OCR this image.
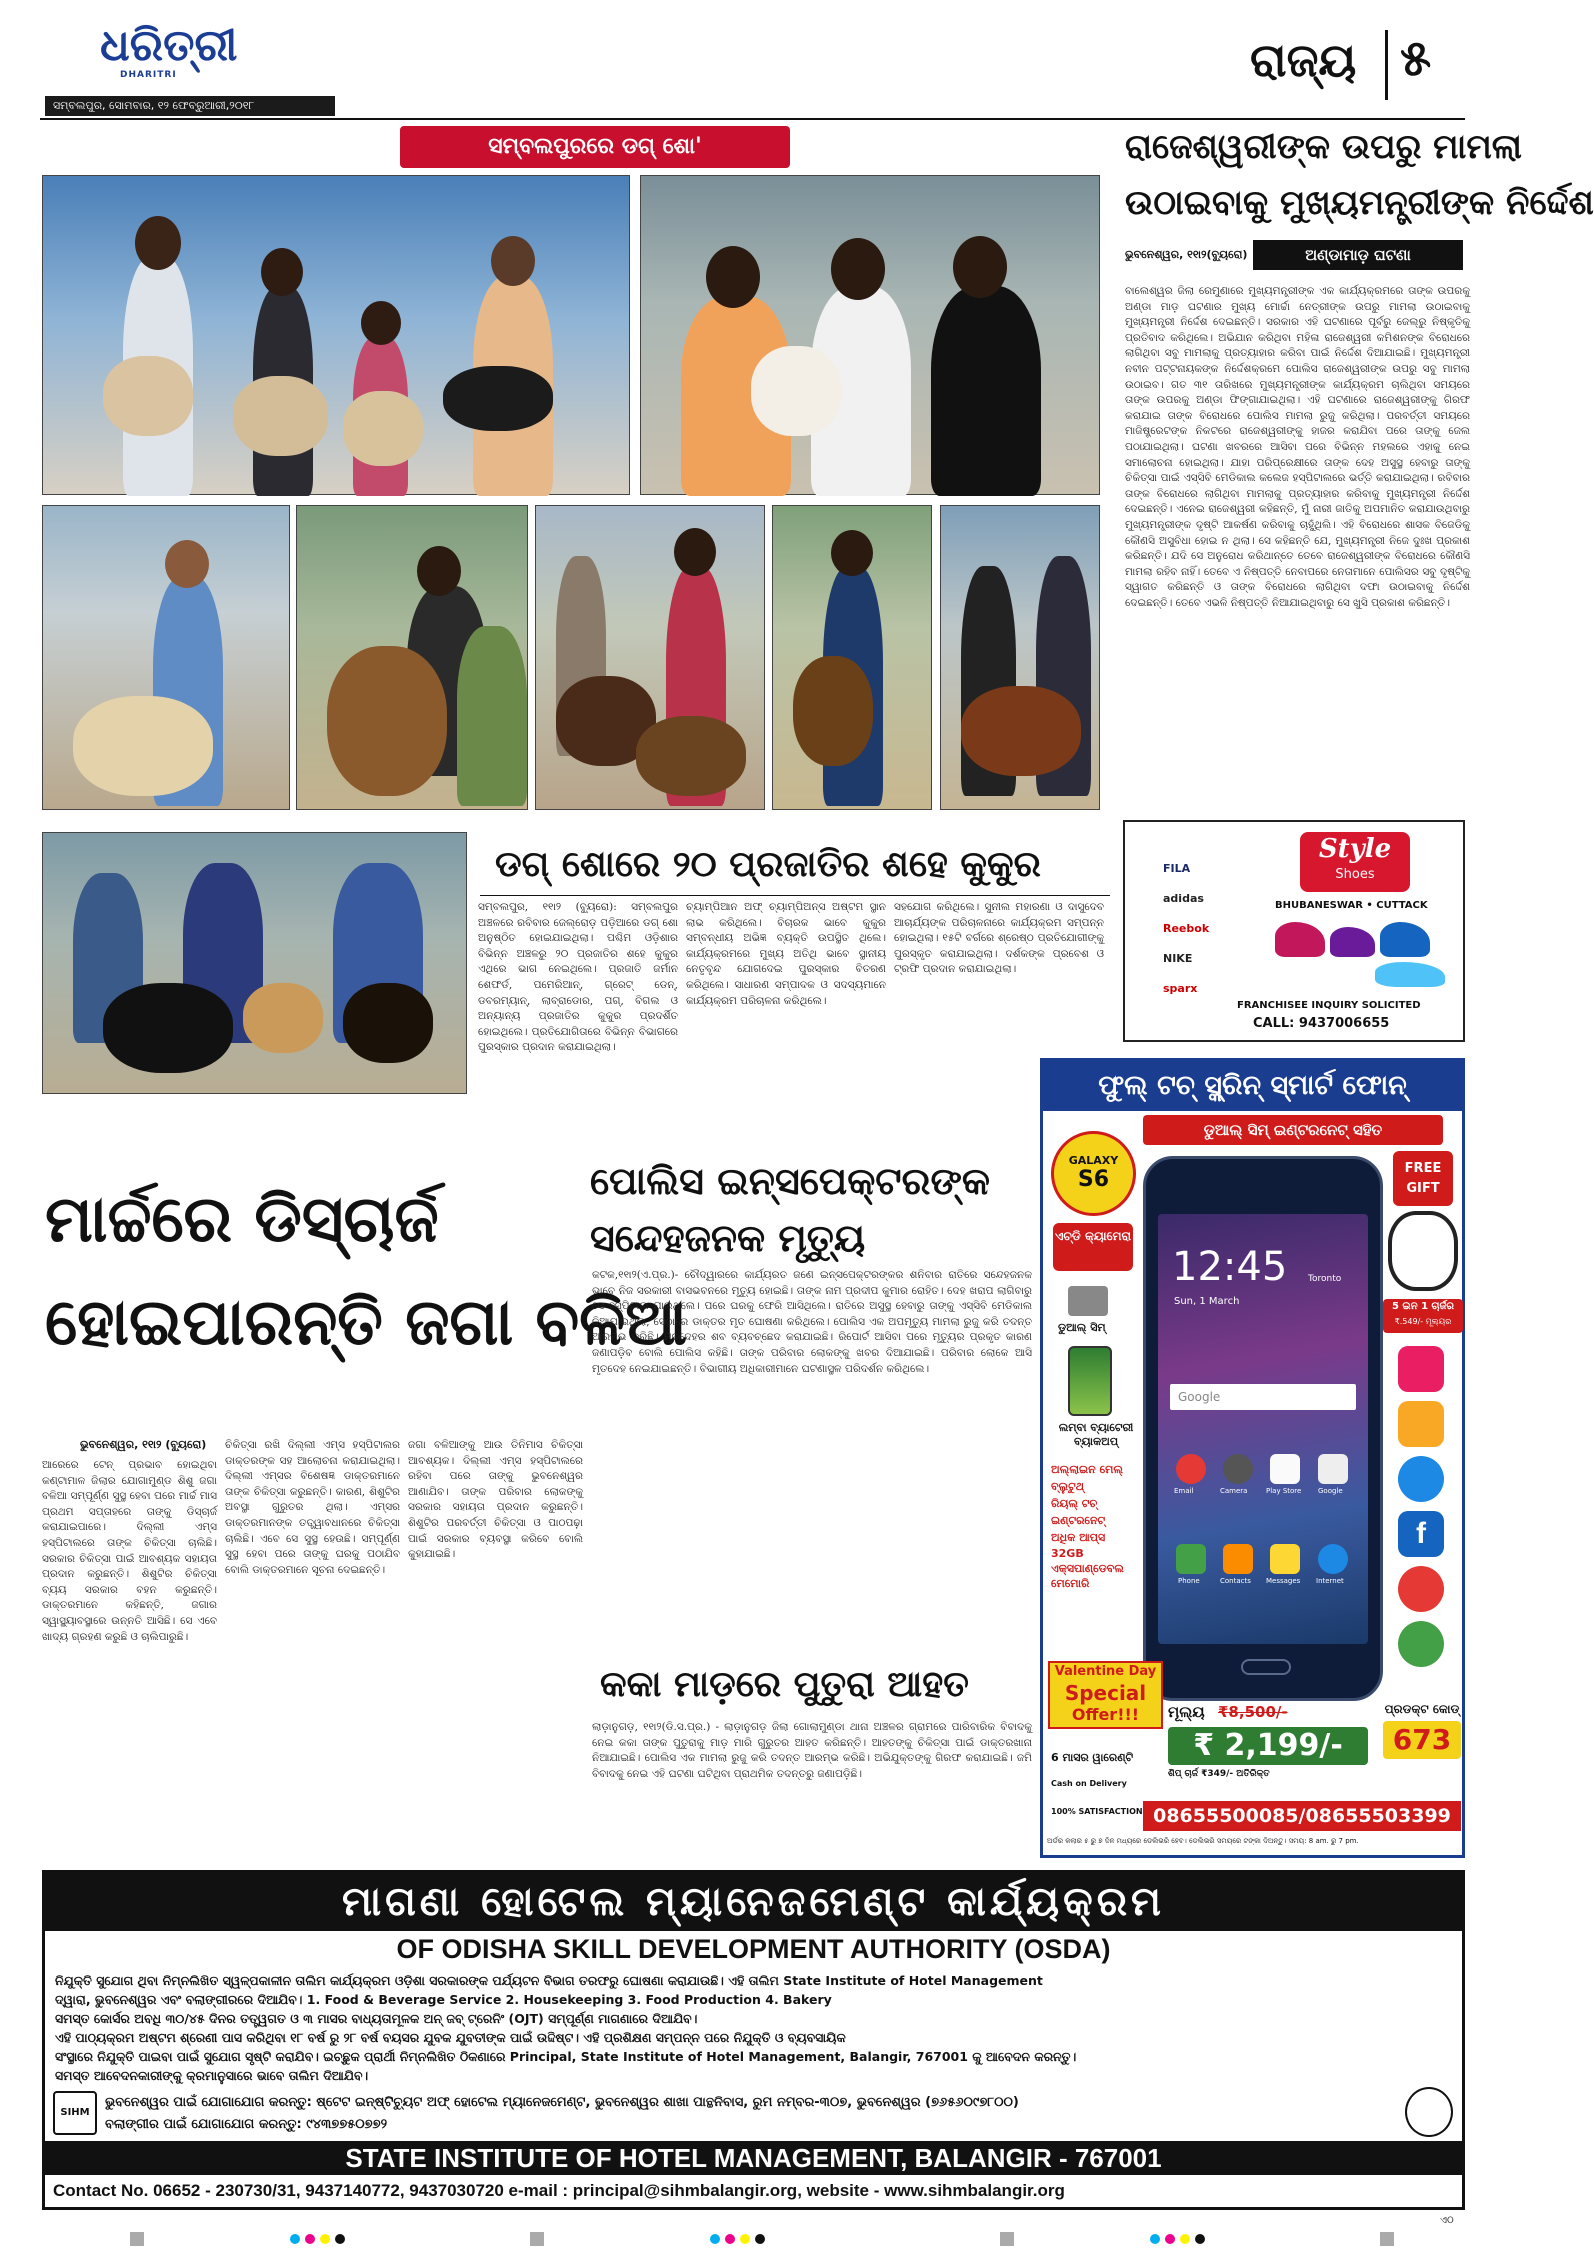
ଧରିତ୍ରୀ
DHARITRI
ସମ୍ବଲପୁର, ସୋମବାର, ୧୨ ଫେବ୍ରୁଆରୀ,୨୦୧୮
ରାଜ୍ୟ ୫
ସମ୍ବଲପୁରରେ ଡଗ୍ ଶୋ'	ରାଜେଶ୍ୱରୀଙ୍କ ଉପରୁ ମାମଲା
ଉଠାଇବାକୁ ମୁଖ୍ୟମନ୍ତ୍ରୀଙ୍କ ନିର୍ଦ୍ଦେଶ
ଭୁବନେଶ୍ୱର, ୧୧ା୨(ବ୍ୟୁରୋ)	ଅଣ୍ଡାମାଡ଼ ଘଟଣା
ବାଲେଶ୍ୱର ଜିଲା ରେମୁଣାରେ ମୁଖ୍ୟମନ୍ତ୍ରୀଙ୍କ ଏକ କାର୍ଯ୍ୟକ୍ରମରେ ତାଙ୍କ ଉପରକୁ ଅଣ୍ଡା ମାଡ଼ ଘଟଣାର ମୁଖ୍ୟ ମୋର୍ଚ୍ଚା ନେତ୍ରୀଙ୍କ ଉପରୁ ମାମଲା ଉଠାଇବାକୁ ମୁଖ୍ୟମନ୍ତ୍ରୀ ନିର୍ଦ୍ଦେଶ ଦେଇଛନ୍ତି। ସରକାର ଏହି ଘଟଣାରେ ପୂର୍ବରୁ ଜେଲ୍‌ରୁ ନିଷ୍କୃତିକୁ ପ୍ରତିବାଦ କରିଥିଲେ। ଅଭିଯାନ କରିଥିବା ମହିଳା ରାଜେଶ୍ୱରୀ କମିଶନଙ୍କ ବିରୋଧରେ ଲାଗିଥିବା ସବୁ ମାମଲାକୁ ପ୍ରତ୍ୟାହାର କରିବା ପାଇଁ ନିର୍ଦ୍ଦେଶ ଦିଆଯାଇଛି। ମୁଖ୍ୟମନ୍ତ୍ରୀ ନବୀନ ପଟ୍ଟନାୟକଙ୍କ ନିର୍ଦ୍ଦେଶକ୍ରମେ ପୋଲିସ ରାଜେଶ୍ୱରୀଙ୍କ ଉପରୁ ସବୁ ମାମଲା ଉଠାଇବ। ଗତ ୩୧ ତାରିଖରେ ମୁଖ୍ୟମନ୍ତ୍ରୀଙ୍କ କାର୍ଯ୍ୟକ୍ରମ ଚାଲିଥିବା ସମୟରେ ତାଙ୍କ ଉପରକୁ ଅଣ୍ଡା ଫିଙ୍ଗାଯାଇଥିଲା। ଏହି ଘଟଣାରେ ରାଜେଶ୍ୱରୀଙ୍କୁ ଗିରଫ କରାଯାଇ ତାଙ୍କ ବିରୋଧରେ ପୋଲିସ ମାମଲା ରୁଜୁ କରିଥିଲା। ପରବର୍ତ୍ତୀ ସମୟରେ ମାଜିଷ୍ଟ୍ରେଟଙ୍କ ନିକଟରେ ରାଜେଶ୍ୱରୀଙ୍କୁ ହାଜର କରାଯିବା ପରେ ତାଙ୍କୁ ଜେଲ ପଠାଯାଇଥିଲା। ଘଟଣା ଖବରରେ ଆସିବା ପରେ ବିଭିନ୍ନ ମହଲରେ ଏହାକୁ ନେଇ ସମାଲୋଚନା ହୋଇଥିଲା। ଯାହା ପରିପ୍ରେକ୍ଷୀରେ ତାଙ୍କ ଦେହ ଅସୁସ୍ଥ ହେବାରୁ ତାଙ୍କୁ ଚିକିତ୍ସା ପାଇଁ ଏସ୍‌ସିବି ମେଡିକାଲ କଲେଜ ହସ୍ପିଟାଲରେ ଭର୍ତ୍ତି କରାଯାଇଥିଲା। ରବିବାର ତାଙ୍କ ବିରୋଧରେ ଲାଗିଥିବା ମାମଲାକୁ ପ୍ରତ୍ୟାହାର କରିବାକୁ ମୁଖ୍ୟମନ୍ତ୍ରୀ ନିର୍ଦ୍ଦେଶ ଦେଇଛନ୍ତି। ଏନେଇ ରାଜେଶ୍ୱରୀ କହିଛନ୍ତି, ମୁଁ ନାରୀ ଜାତିକୁ ଅପମାନିତ କରାଯାଉଥିବାରୁ ମୁଖ୍ୟମନ୍ତ୍ରୀଙ୍କ ଦୃଷ୍ଟି ଆକର୍ଷଣ କରିବାକୁ ଚାହୁଁଥିଲି। ଏହି ବିରୋଧରେ ଶାସକ ବିଜେଡିକୁ କୌଣସି ଅସୁବିଧା ହୋଇ ନ ଥିଲା। ସେ କହିଛନ୍ତି ଯେ, ମୁଖ୍ୟମନ୍ତ୍ରୀ ନିଜେ ଦୁଃଖ ପ୍ରକାଶ କରିଛନ୍ତି। ଯଦି ସେ ଅନୁରୋଧ କରିଥାନ୍ତେ ତେବେ ରାଜେଶ୍ୱରୀଙ୍କ ବିରୋଧରେ କୌଣସି ମାମଲା ରହିବ ନାହିଁ। ତେବେ ଏ ନିଷ୍ପତ୍ତି ନେବାପରେ ନେତାମାନେ ପୋଲିସର ସବୁ ଦୃଷ୍ଟିକୁ ସ୍ୱାଗତ କରିଛନ୍ତି ଓ ତାଙ୍କ ବିରୋଧରେ ଲାଗିଥିବା ଦଫା ଉଠାଇବାକୁ ନିର୍ଦ୍ଦେଶ ଦେଇଛନ୍ତି। ତେବେ ଏଭଳି ନିଷ୍ପତ୍ତି ନିଆଯାଇଥିବାରୁ ସେ ଖୁସି ପ୍ରକାଶ କରିଛନ୍ତି।
ଡଗ୍ ଶୋରେ ୨୦ ପ୍ରଜାତିର ଶହେ କୁକୁର
ସମ୍ବଲପୁର, ୧୧ା୨ (ବ୍ୟୁରୋ): ସମ୍ବଲପୁର ଅଞ୍ଚଳରେ ରବିବାର ଜେଲ୍‌ରୋଡ଼ ପଡ଼ିଆରେ ଡଗ୍ ଶୋ ଅନୁଷ୍ଠିତ ହୋଇଯାଇଥିଲା। ପଶ୍ଚିମ ଓଡ଼ିଶାର ବିଭିନ୍ନ ଅଞ୍ଚଳରୁ ୨୦ ପ୍ରଜାତିର ଶହେ କୁକୁର ଏଥିରେ ଭାଗ ନେଇଥିଲେ। ପ୍ରଜାତି ଜର୍ମାନ ଶେଫର୍ଡ, ପମେରିଆନ୍, ଗ୍ରେଟ୍ ଡେନ୍, ଡବରମ୍ୟାନ୍, ଲାବ୍ରାଡୋର, ପଗ୍, ବିଗଲ ଓ ଅନ୍ୟାନ୍ୟ ପ୍ରଜାତିର କୁକୁର ପ୍ରଦର୍ଶିତ ହୋଇଥିଲେ। ପ୍ରତିଯୋଗିତାରେ ବିଭିନ୍ନ ବିଭାଗରେ ପୁରସ୍କାର ପ୍ରଦାନ କରାଯାଇଥିଲା।
ଚ୍ୟାମ୍ପିଆନ ଅଫ୍ ଚ୍ୟାମ୍ପିଅନ୍ସ ଅଷ୍ଟମ ସ୍ଥାନ ଲାଭ କରିଥିଲେ। ବିଚାରକ ଭାବେ କୁକୁର ସମ୍ବନ୍ଧୀୟ ଅଭିଜ୍ଞ ବ୍ୟକ୍ତି ଉପସ୍ଥିତ ଥିଲେ। କାର୍ଯ୍ୟକ୍ରମରେ ମୁଖ୍ୟ ଅତିଥି ଭାବେ ସ୍ଥାନୀୟ ନେତୃବୃନ୍ଦ ଯୋଗଦେଇ ପୁରସ୍କାର ବିତରଣ କରିଥିଲେ। ସାଧାରଣ ସମ୍ପାଦକ ଓ ସଦସ୍ୟମାନେ କାର୍ଯ୍ୟକ୍ରମ ପରିଚାଳନା କରିଥିଲେ।
ସହଯୋଗ କରିଥିଲେ। ସୁନୀଲ ମହାରଣା ଓ ଦାସୁଦେବ ଆଚାର୍ଯ୍ୟଙ୍କ ପରିଚାଳନାରେ କାର୍ଯ୍ୟକ୍ରମ ସମ୍ପନ୍ନ ହୋଇଥିଲା। ୧୫ଟି ବର୍ଗରେ ଶ୍ରେଷ୍ଠ ପ୍ରତିଯୋଗୀଙ୍କୁ ପୁରସ୍କୃତ କରାଯାଇଥିଲା। ଦର୍ଶକଙ୍କ ପ୍ରବେଶ ଓ ଟ୍ରଫି ପ୍ରଦାନ କରାଯାଇଥିଲା।
FILA
adidas
Reebok
NIKE
sparx
Style
Shoes
BHUBANESWAR • CUTTACK
FRANCHISEE INQUIRY SOLICITED
CALL: 9437006655
ମାର୍ଚ୍ଚରେ ଡିସ୍‌ଚାର୍ଜ
ହୋଇପାରନ୍ତି ଜଗା ବଳିଆ
ଭୁବନେଶ୍ୱର, ୧୧ା୨ (ବ୍ୟୁରୋ)
ଆରେରେ ଟେନ୍ ପ୍ରଭାବ ହୋଇଥିବା କଣ୍ଟାମାଳ ଜିଲାର ଯୋଗାମୁଣ୍ଡ ଶିଶୁ ଜଗା ବଳିଆ ସମ୍ପୂର୍ଣ୍ଣ ସୁସ୍ଥ ହେବା ପରେ ମାର୍ଚ୍ଚ ମାସ ପ୍ରଥମ ସପ୍ତାହରେ ତାଙ୍କୁ ଡିସ୍‌ଚାର୍ଜ କରାଯାଇପାରେ। ଦିଲ୍ଲୀ ଏମ୍ସ ହସ୍ପିଟାଲରେ ତାଙ୍କ ଚିକିତ୍ସା ଚାଲିଛି। ସରକାର ଚିକିତ୍ସା ପାଇଁ ଆବଶ୍ୟକ ସହାୟତା ପ୍ରଦାନ କରୁଛନ୍ତି। ଶିଶୁଟିର ଚିକିତ୍ସା ବ୍ୟୟ ସରକାର ବହନ କରୁଛନ୍ତି। ଡାକ୍ତରମାନେ କହିଛନ୍ତି, ଜଗାର ସ୍ୱାସ୍ଥ୍ୟାବସ୍ଥାରେ ଉନ୍ନତି ଆସିଛି। ସେ ଏବେ ଖାଦ୍ୟ ଗ୍ରହଣ କରୁଛି ଓ ଚାଲିପାରୁଛି।
ଚିକିତ୍ସା ରଖି ଦିଲ୍ଲୀ ଏମ୍ସ ହସ୍ପିଟାଲର ଡାକ୍ତରଙ୍କ ସହ ଆଲୋଚନା କରାଯାଇଥିଲା। ଦିଲ୍ଲୀ ଏମ୍ସର ବିଶେଷଜ୍ଞ ଡାକ୍ତରମାନେ ତାଙ୍କ ଚିକିତ୍ସା କରୁଛନ୍ତି। କାରଣ, ଶିଶୁଟିର ଅବସ୍ଥା ଗୁରୁତର ଥିଲା। ଏମ୍ସର ଡାକ୍ତରମାନଙ୍କ ତତ୍ତ୍ୱାବଧାନରେ ଚିକିତ୍ସା ଚାଲିଛି। ଏବେ ସେ ସୁସ୍ଥ ହେଉଛି। ସମ୍ପୂର୍ଣ୍ଣ ସୁସ୍ଥ ହେବା ପରେ ତାଙ୍କୁ ଘରକୁ ପଠାଯିବ ବୋଲି ଡାକ୍ତରମାନେ ସୂଚନା ଦେଇଛନ୍ତି।
ଜଗା ବଳିଆଙ୍କୁ ଆଉ ତିନିମାସ ଚିକିତ୍ସା ଆବଶ୍ୟକ। ଦିଲ୍ଲୀ ଏମ୍ସ ହସ୍ପିଟାଲରେ ରହିବା ପରେ ତାଙ୍କୁ ଭୁବନେଶ୍ୱର ଆଣାଯିବ। ତାଙ୍କ ପରିବାର ଲୋକଙ୍କୁ ସରକାର ସହାୟତା ପ୍ରଦାନ କରୁଛନ୍ତି। ଶିଶୁଟିର ପରବର୍ତ୍ତୀ ଚିକିତ୍ସା ଓ ପାଠପଢ଼ା ପାଇଁ ସରକାର ବ୍ୟବସ୍ଥା କରିବେ ବୋଲି କୁହାଯାଇଛି।
ପୋଲିସ ଇନ୍ସପେକ୍ଟରଙ୍କ
ସନ୍ଦେହଜନକ ମୃତ୍ୟୁ
କଟକ,୧୧ା୨(ଏ.ପ୍ର.)- ଚୌଦ୍ୱାରରେ କାର୍ଯ୍ୟରତ ଜଣେ ଇନ୍ସପେକ୍ଟରଙ୍କର ଶନିବାର ରାତିରେ ସନ୍ଦେହଜନକ ଭାବେ ନିଜ ସରକାରୀ ବାସଭବନରେ ମୃତ୍ୟୁ ହୋଇଛି। ତାଙ୍କ ନାମ ପ୍ରଦୀପ କୁମାର ରୋହିତ। ଦେହ ଖରାପ ଲାଗିବାରୁ ସେ ହସ୍ପିଟାଲ ଯାଇଥିଲେ। ପରେ ଘରକୁ ଫେରି ଆସିଥିଲେ। ରାତିରେ ଅସୁସ୍ଥ ହେବାରୁ ତାଙ୍କୁ ଏସ୍‌ସିବି ମେଡିକାଲ ନିଆଯାଇଥିଲା, ସେଠାରେ ଡାକ୍ତର ମୃତ ଘୋଷଣା କରିଥିଲେ। ପୋଲିସ ଏକ ଅପମୃତ୍ୟୁ ମାମଲା ରୁଜୁ କରି ତଦନ୍ତ ଆରମ୍ଭ କରିଛି। ମୃତଦେହର ଶବ ବ୍ୟବଚ୍ଛେଦ କରାଯାଇଛି। ରିପୋର୍ଟ ଆସିବା ପରେ ମୃତ୍ୟୁର ପ୍ରକୃତ କାରଣ ଜଣାପଡ଼ିବ ବୋଲି ପୋଲିସ କହିଛି। ତାଙ୍କ ପରିବାର ଲୋକଙ୍କୁ ଖବର ଦିଆଯାଇଛି। ପରିବାର ଲୋକେ ଆସି ମୃତଦେହ ନେଇଯାଇଛନ୍ତି। ବିଭାଗୀୟ ଅଧିକାରୀମାନେ ଘଟଣାସ୍ଥଳ ପରିଦର୍ଶନ କରିଥିଲେ।
କକା ମାଡ଼ରେ ପୁତୁରା ଆହତ
ଲାଡ଼ାନୁଗଡ଼, ୧୧ା୨(ଡି.ସ.ପ୍ର.) - ଲାଡ଼ାନୁଗଡ଼ ଜିଲା ଗୋଲାମୁଣ୍ଡା ଥାନା ଅଞ୍ଚଳର ଗ୍ରାମରେ ପାରିବାରିକ ବିବାଦକୁ ନେଇ କକା ତାଙ୍କ ପୁତୁରାକୁ ମାଡ଼ ମାରି ଗୁରୁତର ଆହତ କରିଛନ୍ତି। ଆହତଙ୍କୁ ଚିକିତ୍ସା ପାଇଁ ଡାକ୍ତରଖାନା ନିଆଯାଇଛି। ପୋଲିସ ଏକ ମାମଲା ରୁଜୁ କରି ତଦନ୍ତ ଆରମ୍ଭ କରିଛି। ଅଭିଯୁକ୍ତଙ୍କୁ ଗିରଫ କରାଯାଇଛି। ଜମି ବିବାଦକୁ ନେଇ ଏହି ଘଟଣା ଘଟିଥିବା ପ୍ରାଥମିକ ତଦନ୍ତରୁ ଜଣାପଡ଼ିଛି।
ଫୁଲ୍ ଟଚ୍ ସ୍କ୍ରିନ୍ ସ୍ମାର୍ଟ ଫୋନ୍
ଡୁଆଲ୍ ସିମ୍ ଇଣ୍ଟରନେଟ୍ ସହିତ
GALAXY
S6
ଏଚ୍‌ଡି କ୍ୟାମେରା
ଡୁଆଲ୍ ସିମ୍
ଲମ୍ବା ବ୍ୟାଟେରୀ ବ୍ୟାକଅପ୍
ଅଲ୍ଲାଇନ ମେଲ୍
ବ୍ଲୁଟୁଥ୍
ରିୟଲ୍ ଟଚ୍
ଇଣ୍ଟରନେଟ୍
ଅଧିକ ଆପ୍ସ
32GB ଏକ୍ସପାଣ୍ଡେବଲ ମେମୋରି
12:45
Sun, 1 March
Toronto
Google
Email	Camera	Play Store Google
Phone	Contacts Messages Internet
FREE GIFT
5 ଇନ 1 ଚାର୍ଜର
₹.549/- ମୂଲ୍ୟର
f
Valentine Day
Special
Offer!!!	ମୂଲ୍ୟ ₹8,500/-
₹ 2,199/-
ଶିପ୍ ଚାର୍ଜ ₹349/- ଅତିରିକ୍ତ
ପ୍ରଡକ୍ଟ କୋଡ୍
673
6 ମାସର ୱାରେଣ୍ଟି
08655500085/08655503399
100% SATISFACTION
Cash on Delivery
ଅର୍ଡର କଲାର ୫ ରୁ ୭ ଦିନ ମଧ୍ୟରେ ଡେଲିଭରି ହେବ। ଡେଲିଭରି ସମୟରେ ଟଙ୍କା ଦିଅନ୍ତୁ। ସମୟ: 8 am. ରୁ 7 pm.
ମାଗଣା ହୋଟେଲ ମ୍ୟାନେଜମେଣ୍ଟ କାର୍ଯ୍ୟକ୍ରମ
OF ODISHA SKILL DEVELOPMENT AUTHORITY (OSDA)
ନିଯୁକ୍ତି ସୁଯୋଗ ଥିବା ନିମ୍ନଲିଖିତ ସ୍ୱଳ୍ପକାଳୀନ ତାଲିମ କାର୍ଯ୍ୟକ୍ରମ ଓଡ଼ିଶା ସରକାରଙ୍କ ପର୍ଯ୍ୟଟନ ବିଭାଗ ତରଫରୁ ଘୋଷଣା କରାଯାଉଛି। ଏହି ତାଲିମ State Institute of Hotel Management
ଦ୍ୱାରା, ଭୁବନେଶ୍ୱର ଏବଂ ବଲାଙ୍ଗୀରରେ ଦିଆଯିବ। 1. Food & Beverage Service 2. Housekeeping 3. Food Production 4. Bakery
ସମସ୍ତ କୋର୍ସର ଅବଧି ୩୦/୪୫ ଦିନର ତତ୍ତ୍ୱଗତ ଓ ୩ ମାସର ବାଧ୍ୟତାମୂଳକ ଅନ୍ ଜବ୍ ଟ୍ରେନିଂ (OJT) ସମ୍ପୂର୍ଣ୍ଣ ମାଗଣାରେ ଦିଆଯିବ।
ଏହି ପାଠ୍ୟକ୍ରମ ଅଷ୍ଟମ ଶ୍ରେଣୀ ପାସ କରିଥିବା ୧୮ ବର୍ଷ ରୁ ୨୮ ବର୍ଷ ବୟସର ଯୁବକ ଯୁବତୀଙ୍କ ପାଇଁ ଉଦ୍ଦିଷ୍ଟ। ଏହି ପ୍ରଶିକ୍ଷଣ ସମ୍ପନ୍ନ ପରେ ନିଯୁକ୍ତି ଓ ବ୍ୟବସାୟିକ
ସଂସ୍ଥାରେ ନିଯୁକ୍ତି ପାଇବା ପାଇଁ ସୁଯୋଗ ସୃଷ୍ଟି କରାଯିବ। ଇଚ୍ଛୁକ ପ୍ରାର୍ଥୀ ନିମ୍ନଲିଖିତ ଠିକଣାରେ Principal, State Institute of Hotel Management, Balangir, 767001 କୁ ଆବେଦନ କରନ୍ତୁ।
ସମସ୍ତ ଆବେଦନକାରୀଙ୍କୁ କ୍ରମାନୁସାରେ ଭାବେ ତାଲିମ ଦିଆଯିବ।
SIHM
ଭୁବନେଶ୍ୱର ପାଇଁ ଯୋଗାଯୋଗ କରନ୍ତୁ: ଷ୍ଟେଟ ଇନ୍‌ଷ୍ଟିଚ୍ୟୁଟ ଅଫ୍ ହୋଟେଲ ମ୍ୟାନେଜମେଣ୍ଟ, ଭୁବନେଶ୍ୱର ଶାଖା ପାନ୍ଥନିବାସ, ରୁମ ନମ୍ବର-୩୦୭, ଭୁବନେଶ୍ୱର (୭୬୫୬୦୯୭୮୦୦)
ବଲାଙ୍ଗୀର ପାଇଁ ଯୋଗାଯୋଗ କରନ୍ତୁ: ୯୪୩୭୭୫୦୭୭୨
STATE INSTITUTE OF HOTEL MANAGEMENT, BALANGIR - 767001
Contact No. 06652 - 230730/31, 9437140772, 9437030720 e-mail : principal@sihmbalangir.org, website - www.sihmbalangir.org
ଏଠ
